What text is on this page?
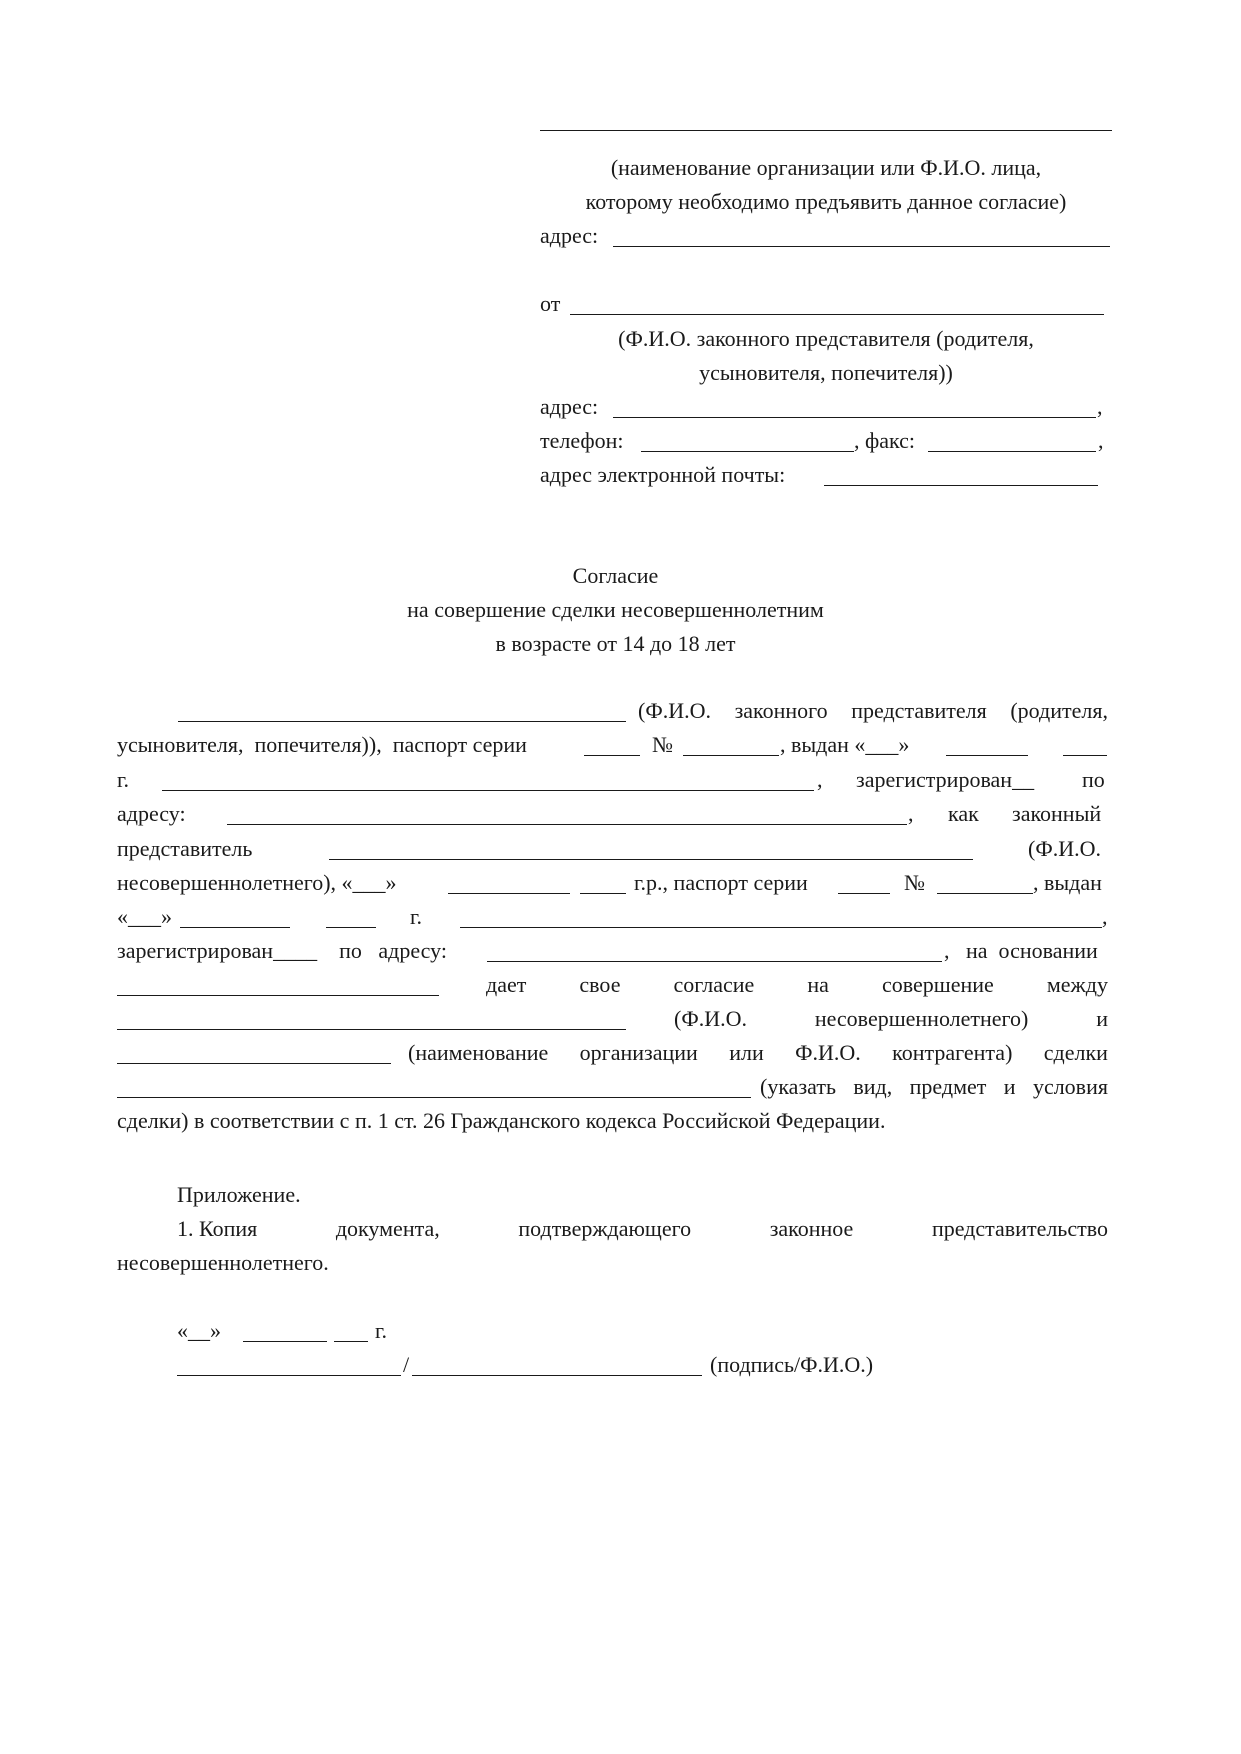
(наименование организации или Ф.И.О. лица,
которому необходимо предъявить данное согласие)
адрес:
от
(Ф.И.О. законного представителя (родителя,
усыновителя, попечителя))
адрес:	,
телефон:	, факс:	,
адрес электронной почты:
Согласие
на совершение сделки несовершеннолетним
в возрасте от 14 до 18 лет
(Ф.И.О. законного представителя (родителя,
усыновителя, попечителя)), паспорт серии	№	, выдан «___»
г.	, зарегистрирован__ по
адресу:	, как законный
представитель	(Ф.И.О.
несовершеннолетнего), «___»	г.р., паспорт серии	№	, выдан
«___»	г.	,
зарегистрирован____ по адресу:	, на основании
дает свое согласие на совершение между
(Ф.И.О.	несовершеннолетнего)	и
(наименование организации или Ф.И.О. контрагента) сделки
(указать вид, предмет и условия
сделки) в соответствии с п. 1 ст. 26 Гражданского кодекса Российской Федерации.
Приложение.
1. Копия	документа,	подтверждающего	законное	представительство
несовершеннолетнего.
«__»	г.
/	(подпись/Ф.И.О.)
